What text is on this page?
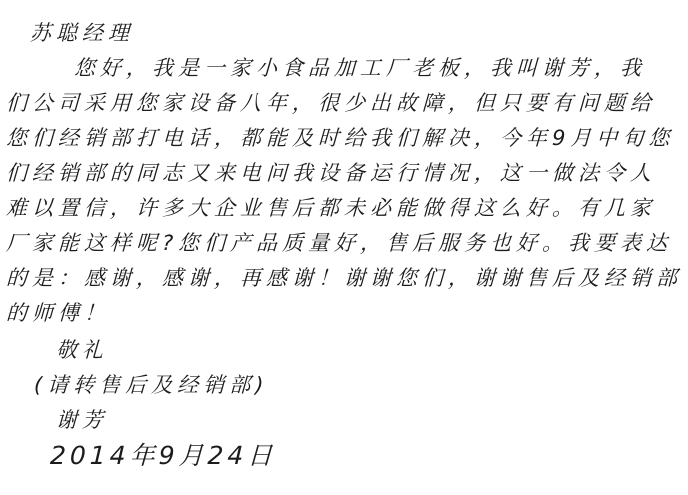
苏聪经理
您好，我是一家小食品加工厂老板，我叫谢芳，我
们公司采用您家设备八年，很少出故障，但只要有问题给
您们经销部打电话，都能及时给我们解决，今年9月中旬您
们经销部的同志又来电问我设备运行情况，这一做法令人
难以置信，许多大企业售后都未必能做得这么好。有几家
厂家能这样呢?您们产品质量好，售后服务也好。我要表达
的是：感谢，感谢，再感谢！谢谢您们，谢谢售后及经销部
的师傅！
敬礼
(请转售后及经销部)
谢芳
2014年9月24日
